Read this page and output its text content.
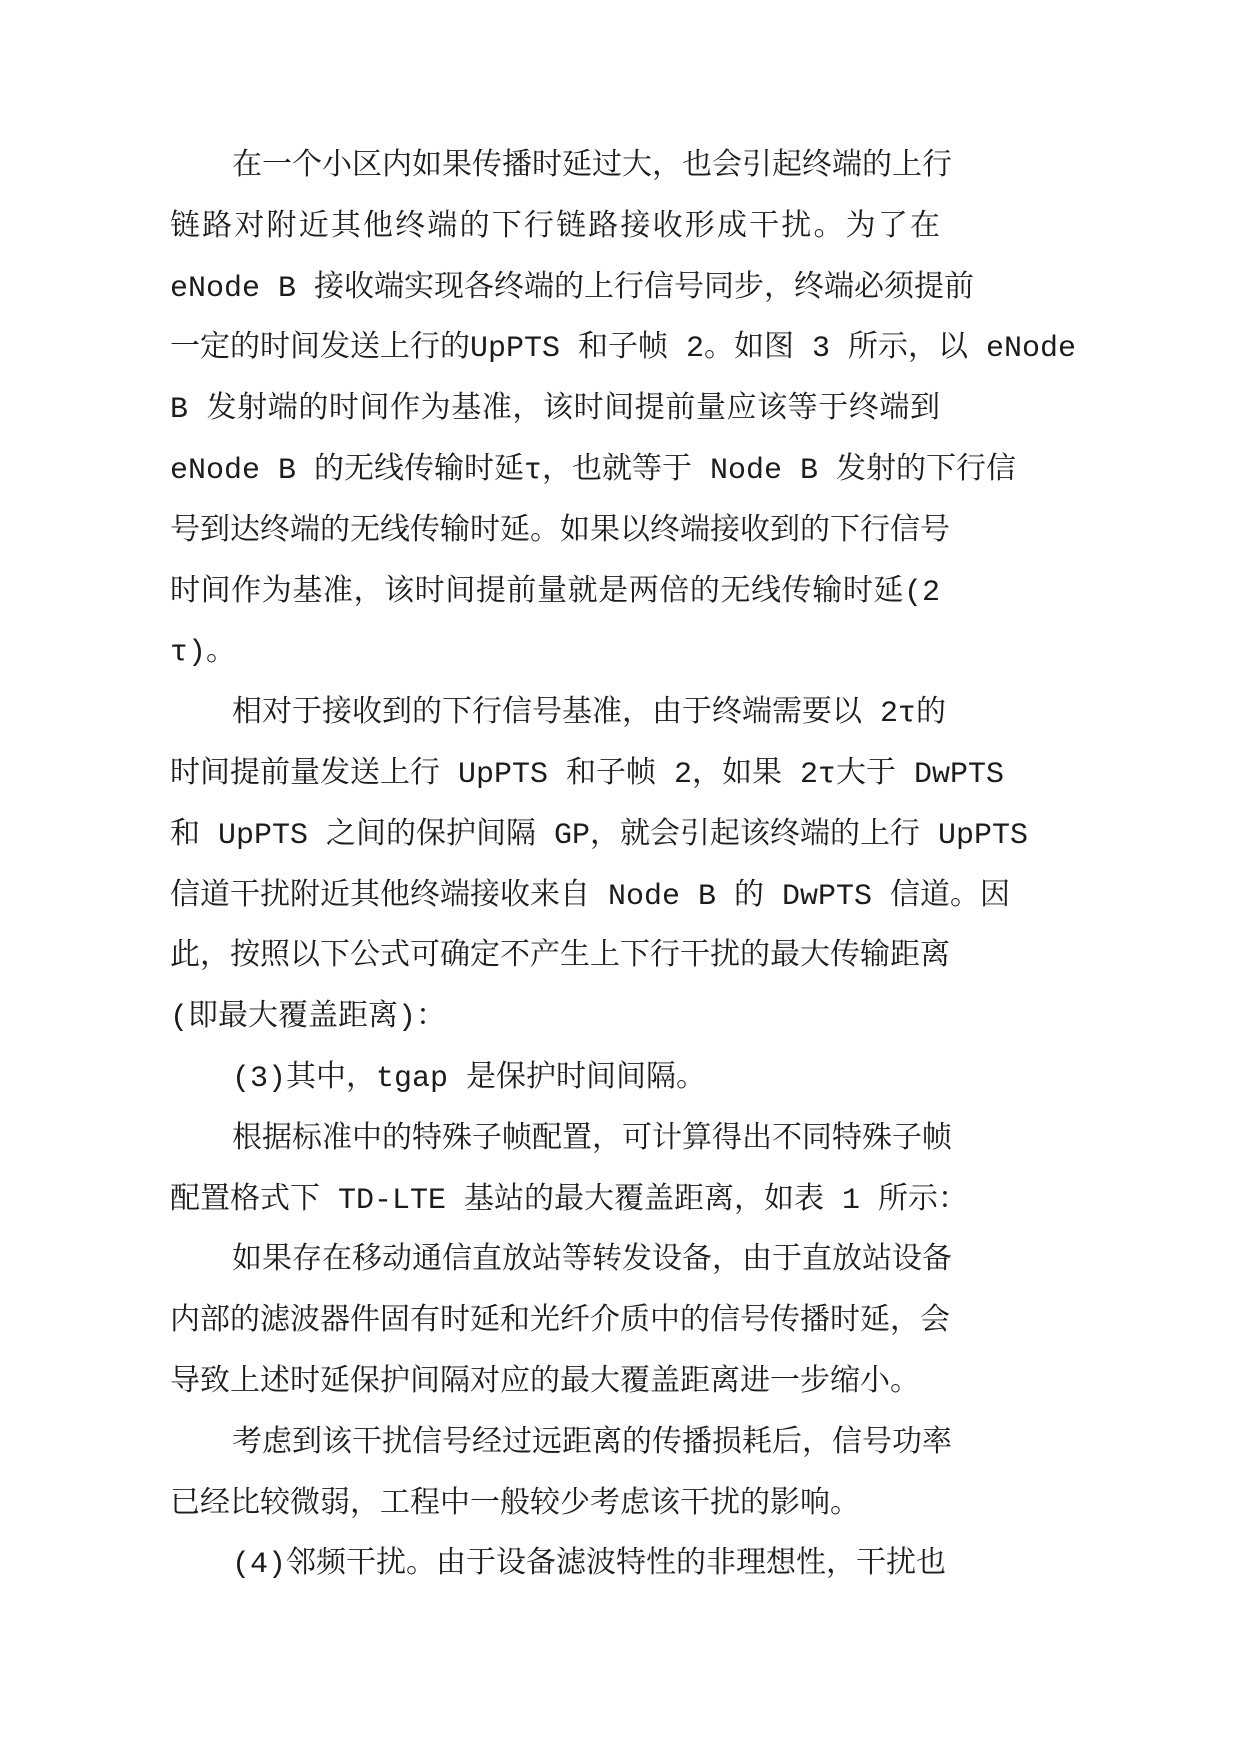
在一个小区内如果传播时延过大，也会引起终端的上行
链路对附近其他终端的下行链路接收形成干扰。为了在
eNode B 接收端实现各终端的上行信号同步，终端必须提前
一定的时间发送上行的UpPTS 和子帧 2。如图 3 所示，以 eNode
B 发射端的时间作为基准，该时间提前量应该等于终端到
eNode B 的无线传输时延τ，也就等于 Node B 发射的下行信
号到达终端的无线传输时延。如果以终端接收到的下行信号
时间作为基准，该时间提前量就是两倍的无线传输时延(2
τ)。
相对于接收到的下行信号基准，由于终端需要以 2τ的
时间提前量发送上行 UpPTS 和子帧 2，如果 2τ大于 DwPTS
和 UpPTS 之间的保护间隔 GP，就会引起该终端的上行 UpPTS
信道干扰附近其他终端接收来自 Node B 的 DwPTS 信道。因
此，按照以下公式可确定不产生上下行干扰的最大传输距离
(即最大覆盖距离)：
(3)其中，tgap 是保护时间间隔。
根据标准中的特殊子帧配置，可计算得出不同特殊子帧
配置格式下 TD-LTE 基站的最大覆盖距离，如表 1 所示：
如果存在移动通信直放站等转发设备，由于直放站设备
内部的滤波器件固有时延和光纤介质中的信号传播时延，会
导致上述时延保护间隔对应的最大覆盖距离进一步缩小。
考虑到该干扰信号经过远距离的传播损耗后，信号功率
已经比较微弱，工程中一般较少考虑该干扰的影响。
(4)邻频干扰。由于设备滤波特性的非理想性，干扰也
